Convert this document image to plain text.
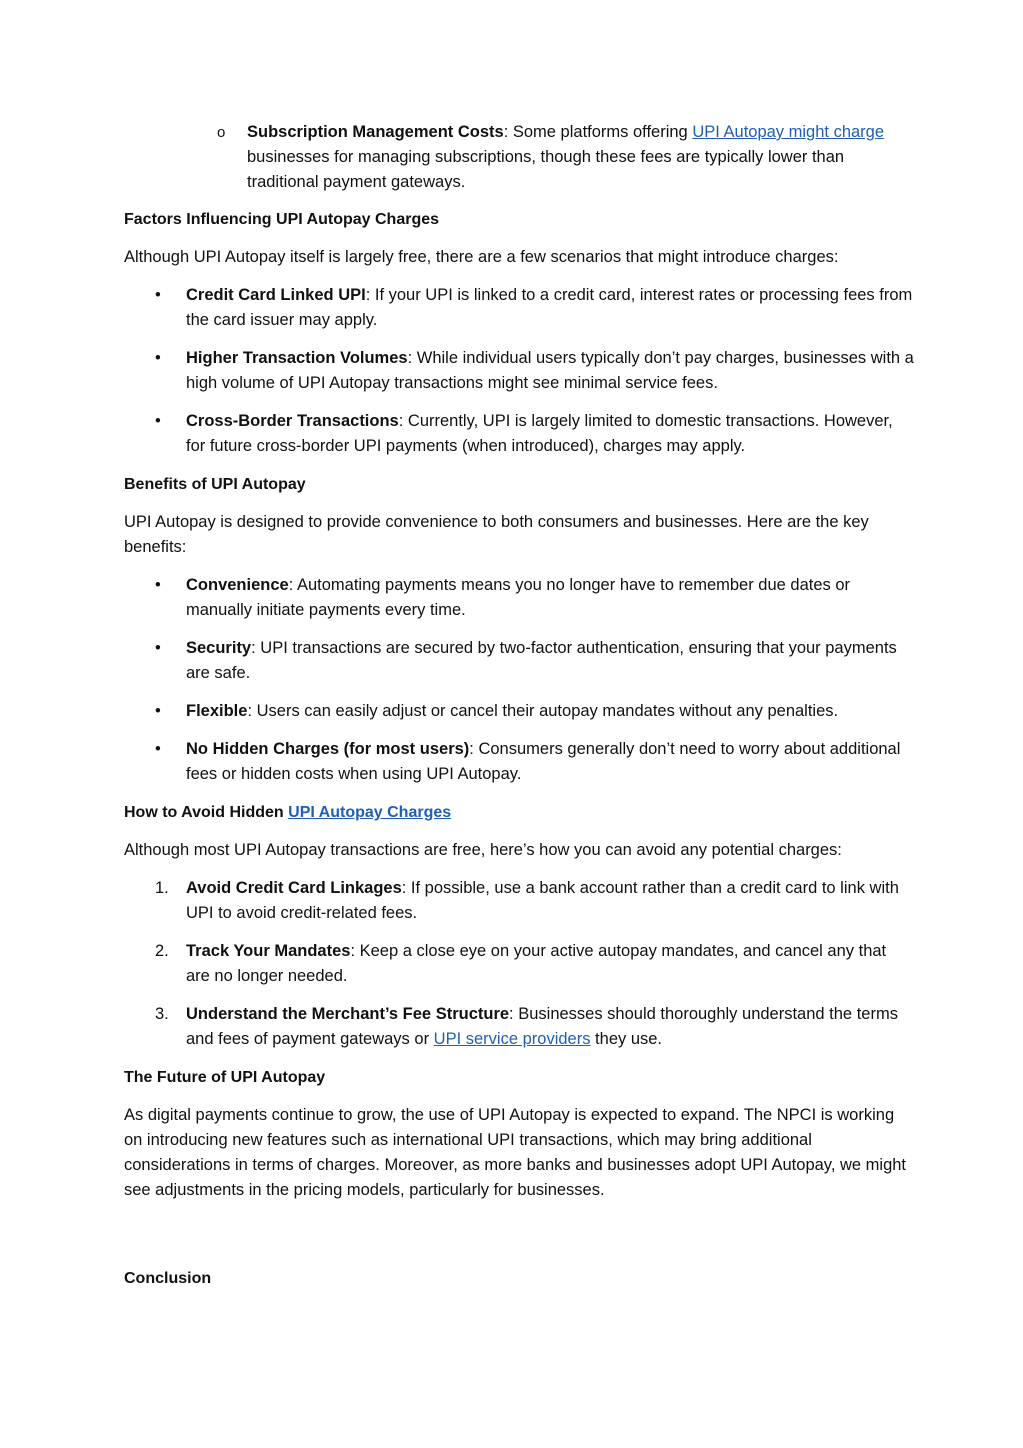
o Subscription Management Costs: Some platforms offering UPI Autopay might charge businesses for managing subscriptions, though these fees are typically lower than traditional payment gateways.

Factors Influencing UPI Autopay Charges

Although UPI Autopay itself is largely free, there are a few scenarios that might introduce charges:

•	Credit Card Linked UPI: If your UPI is linked to a credit card, interest rates or processing fees from the card issuer may apply.
•	Higher Transaction Volumes: While individual users typically don’t pay charges, businesses with a high volume of UPI Autopay transactions might see minimal service fees.
•	Cross-Border Transactions: Currently, UPI is largely limited to domestic transactions. However, for future cross-border UPI payments (when introduced), charges may apply.

Benefits of UPI Autopay

UPI Autopay is designed to provide convenience to both consumers and businesses. Here are the key benefits:

•	Convenience: Automating payments means you no longer have to remember due dates or manually initiate payments every time.
•	Security: UPI transactions are secured by two-factor authentication, ensuring that your payments are safe.
•	Flexible: Users can easily adjust or cancel their autopay mandates without any penalties.
•	No Hidden Charges (for most users): Consumers generally don’t need to worry about additional fees or hidden costs when using UPI Autopay.

How to Avoid Hidden UPI Autopay Charges

Although most UPI Autopay transactions are free, here’s how you can avoid any potential charges:

1.	Avoid Credit Card Linkages: If possible, use a bank account rather than a credit card to link with UPI to avoid credit-related fees.
2.	Track Your Mandates: Keep a close eye on your active autopay mandates, and cancel any that are no longer needed.
3.	Understand the Merchant’s Fee Structure: Businesses should thoroughly understand the terms and fees of payment gateways or UPI service providers they use.

The Future of UPI Autopay

As digital payments continue to grow, the use of UPI Autopay is expected to expand. The NPCI is working on introducing new features such as international UPI transactions, which may bring additional considerations in terms of charges. Moreover, as more banks and businesses adopt UPI Autopay, we might see adjustments in the pricing models, particularly for businesses.

Conclusion
